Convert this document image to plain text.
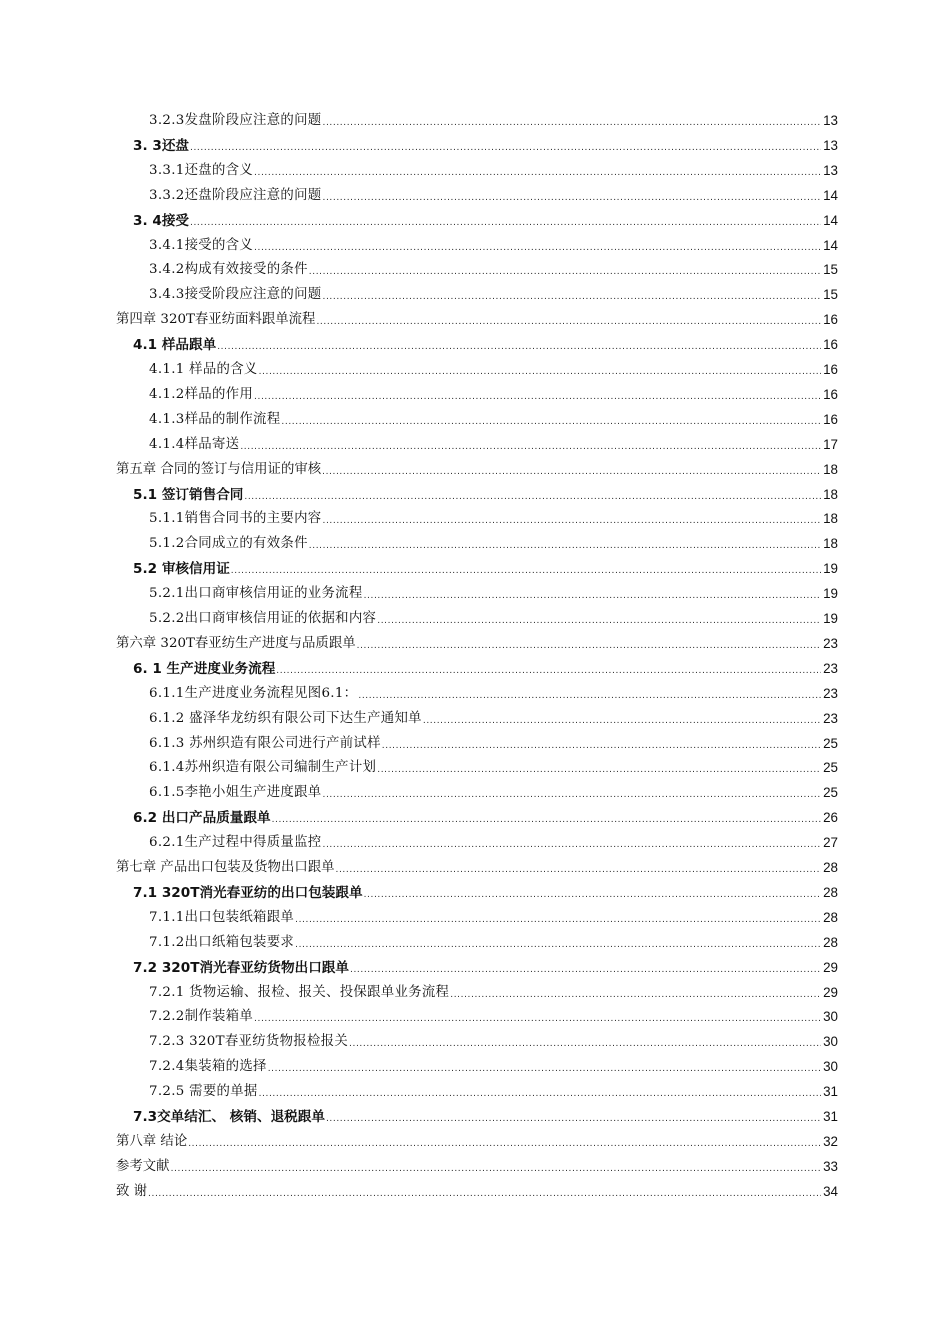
3.2.3发盘阶段应注意的问题 .....	13
3. 3还盘 .....	13
3.3.1还盘的含义 .....	13
3.3.2还盘阶段应注意的问题 .....	14
3. 4接受 .....	14
3.4.1接受的含义 .....	14
3.4.2构成有效接受的条件 .....	15
3.4.3接受阶段应注意的问题 .....	15
第四章 320T春亚纺面料跟单流程 .....	16
4.1 样品跟单 .....	16
4.1.1 样品的含义 .....	16
4.1.2样品的作用 .....	16
4.1.3样品的制作流程 .....	16
4.1.4样品寄送 .....	17
第五章 合同的签订与信用证的审核 .....	18
5.1 签订销售合同 .....	18
5.1.1销售合同书的主要内容 .....	18
5.1.2合同成立的有效条件 .....	18
5.2 审核信用证 .....	19
5.2.1出口商审核信用证的业务流程 .....	19
5.2.2出口商审核信用证的依据和内容 .....	19
第六章 320T春亚纺生产进度与品质跟单 .....	23
6. 1 生产进度业务流程 .....	23
6.1.1生产进度业务流程见图6.1： .....	23
6.1.2 盛泽华龙纺织有限公司下达生产通知单 .....	23
6.1.3 苏州织造有限公司进行产前试样 .....	25
6.1.4苏州织造有限公司编制生产计划 .....	25
6.1.5李艳小姐生产进度跟单 .....	25
6.2 出口产品质量跟单 .....	26
6.2.1生产过程中得质量监控 .....	27
第七章 产品出口包装及货物出口跟单 .....	28
7.1 320T消光春亚纺的出口包装跟单 .....	28
7.1.1出口包装纸箱跟单 .....	28
7.1.2出口纸箱包装要求 .....	28
7.2 320T消光春亚纺货物出口跟单 .....	29
7.2.1 货物运输、报检、报关、投保跟单业务流程 .....	29
7.2.2制作装箱单 .....	30
7.2.3 320T春亚纺货物报检报关 .....	30
7.2.4集装箱的选择 .....	30
7.2.5 需要的单据 .....	31
7.3交单结汇、 核销、退税跟单 .....	31
第八章 结论 .....	32
参考文献 .....	33
致 谢 .....	34
